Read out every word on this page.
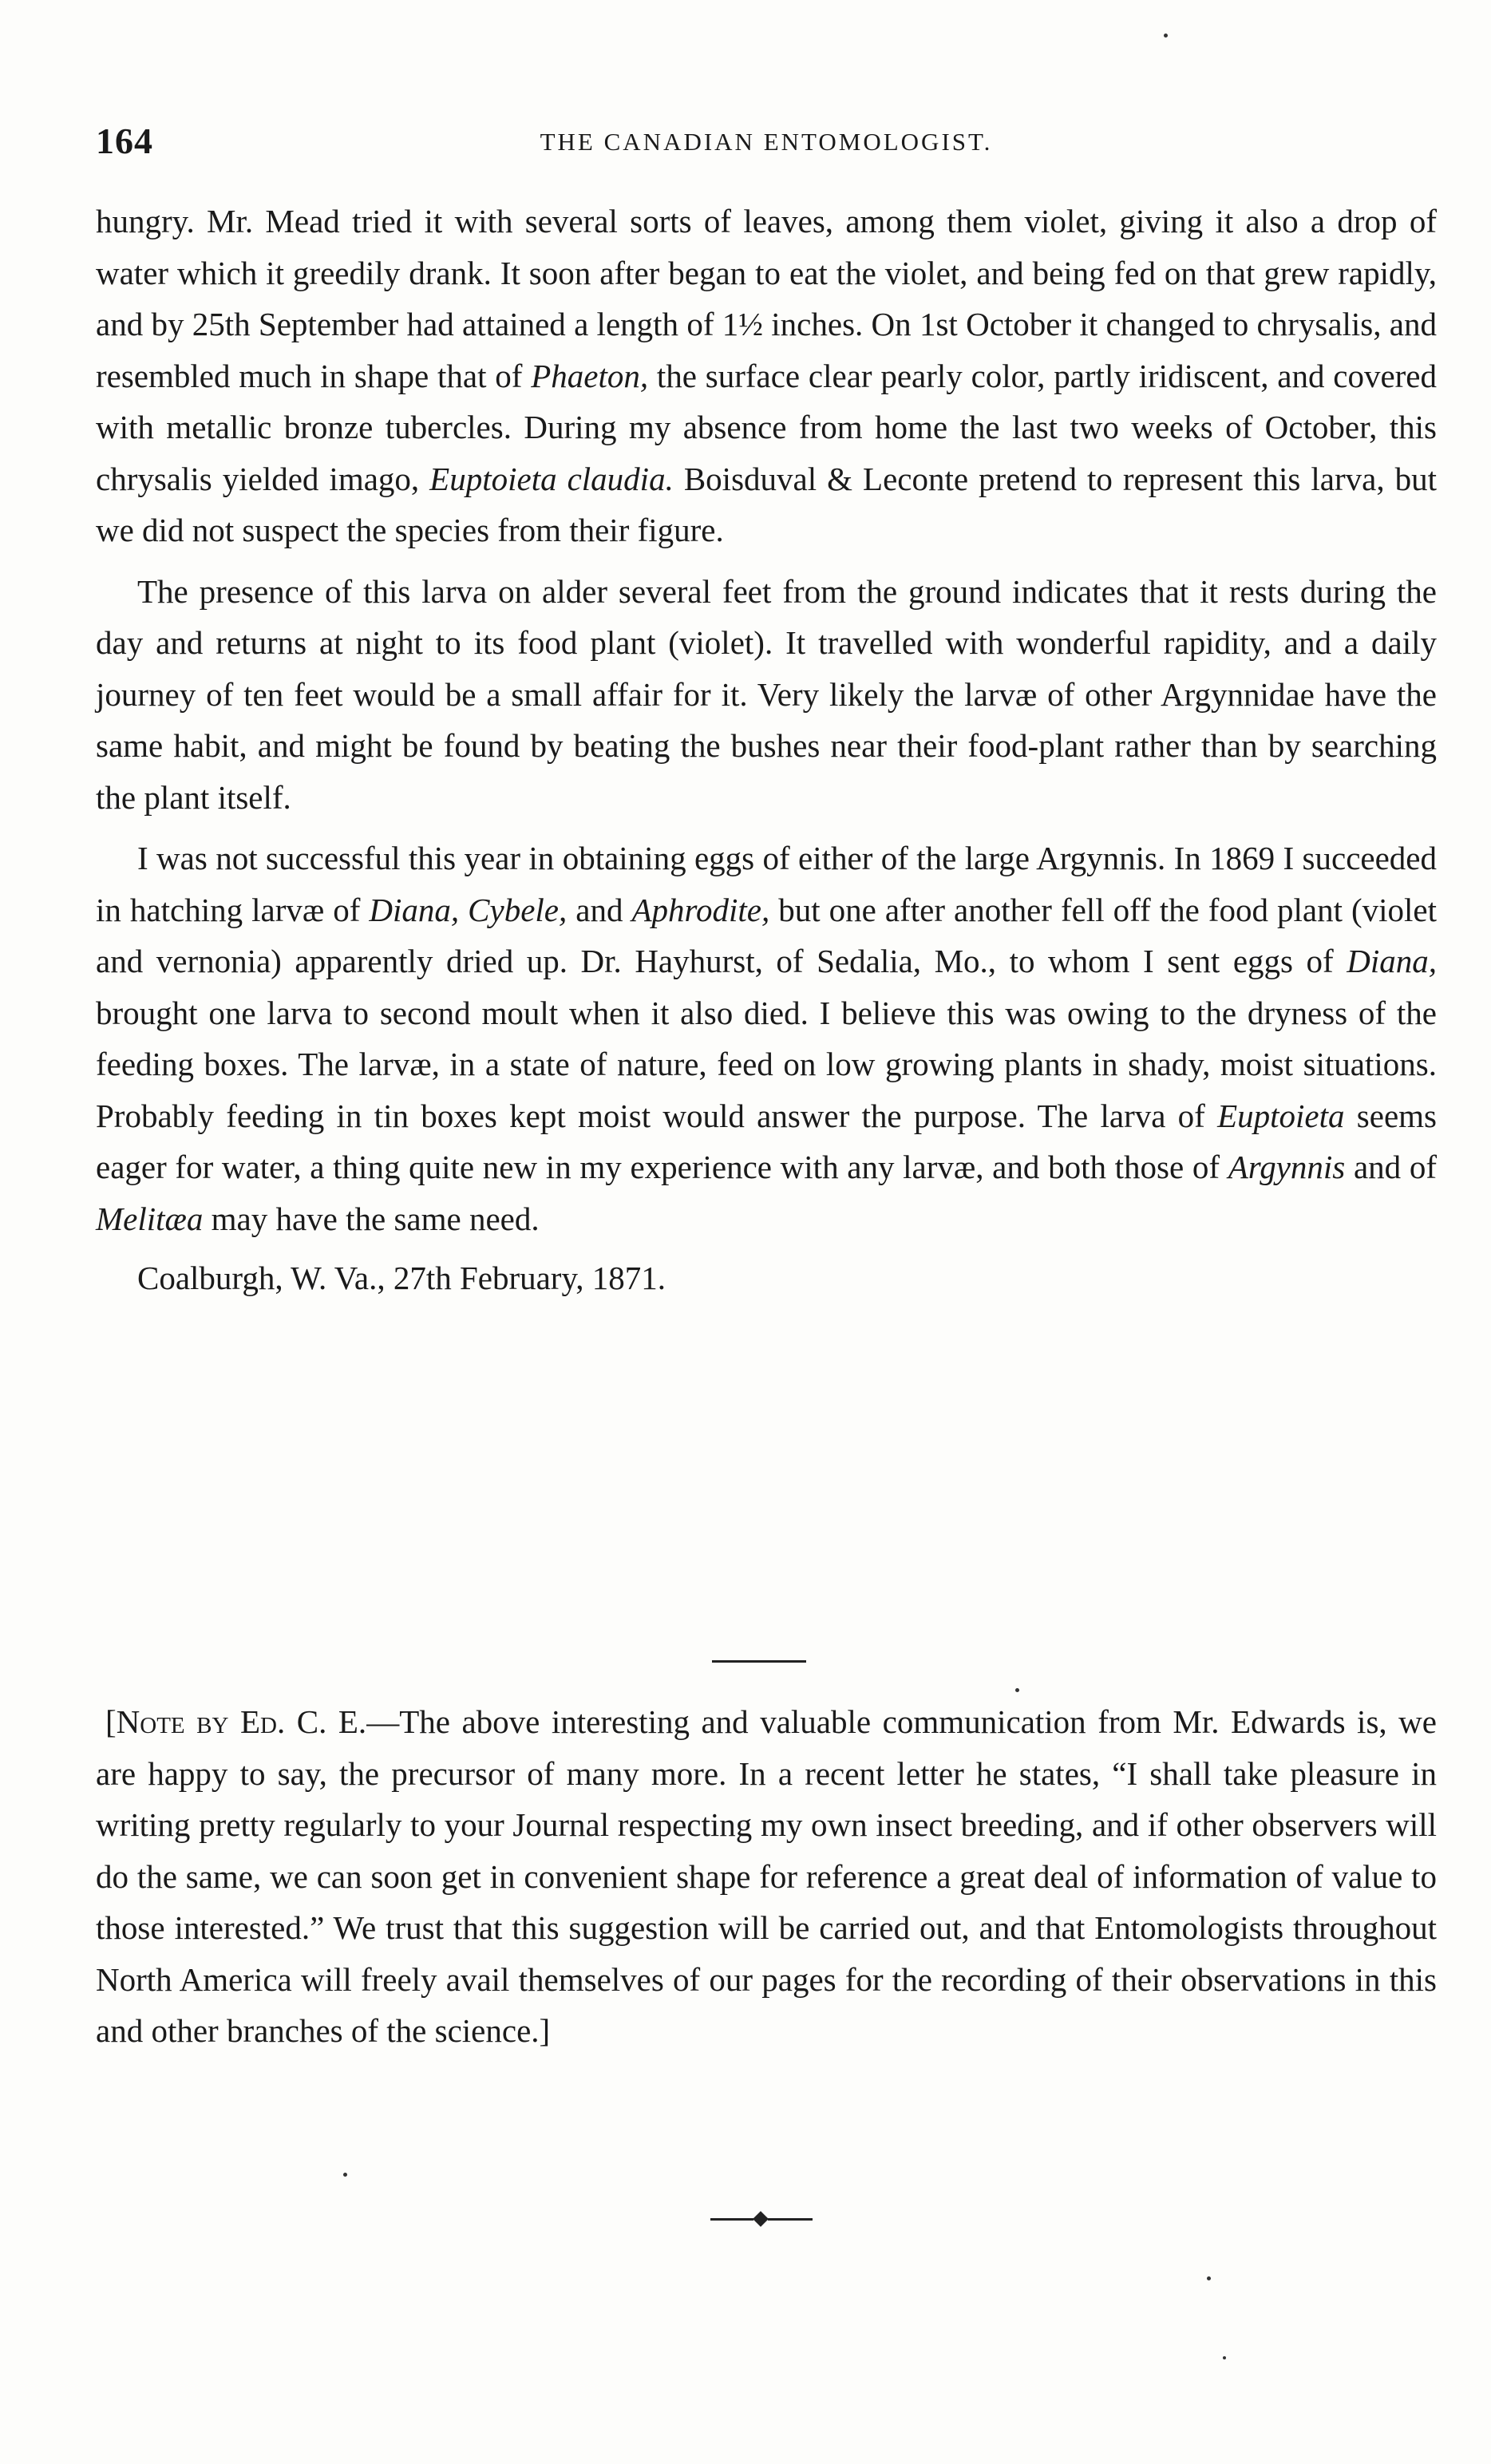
164	THE CANADIAN ENTOMOLOGIST.

hungry. Mr. Mead tried it with several sorts of leaves, among them violet, giving it also a drop of water which it greedily drank. It soon after began to eat the violet, and being fed on that grew rapidly, and by 25th September had attained a length of 1½ inches. On 1st October it changed to chrysalis, and resembled much in shape that of Phaeton, the surface clear pearly color, partly iridiscent, and covered with metallic bronze tubercles. During my absence from home the last two weeks of October, this chrysalis yielded imago, Euptoieta claudia. Boisduval & Leconte pretend to represent this larva, but we did not suspect the species from their figure.

The presence of this larva on alder several feet from the ground indicates that it rests during the day and returns at night to its food plant (violet). It travelled with wonderful rapidity, and a daily journey of ten feet would be a small affair for it. Very likely the larvæ of other Argynnidae have the same habit, and might be found by beating the bushes near their food-plant rather than by searching the plant itself.

I was not successful this year in obtaining eggs of either of the large Argynnis. In 1869 I succeeded in hatching larvæ of Diana, Cybele, and Aphrodite, but one after another fell off the food plant (violet and vernonia) apparently dried up. Dr. Hayhurst, of Sedalia, Mo., to whom I sent eggs of Diana, brought one larva to second moult when it also died. I believe this was owing to the dryness of the feeding boxes. The larvæ, in a state of nature, feed on low growing plants in shady, moist situations. Probably feeding in tin boxes kept moist would answer the purpose. The larva of Euptoieta seems eager for water, a thing quite new in my experience with any larvæ, and both those of Argynnis and of Melitæa may have the same need.

Coalburgh, W. Va., 27th February, 1871.

[Note by Ed. C. E.—The above interesting and valuable communication from Mr. Edwards is, we are happy to say, the precursor of many more. In a recent letter he states, “I shall take pleasure in writing pretty regularly to your Journal respecting my own insect breeding, and if other observers will do the same, we can soon get in convenient shape for reference a great deal of information of value to those interested.” We trust that this suggestion will be carried out, and that Entomologists throughout North America will freely avail themselves of our pages for the recording of their observations in this and other branches of the science.]
